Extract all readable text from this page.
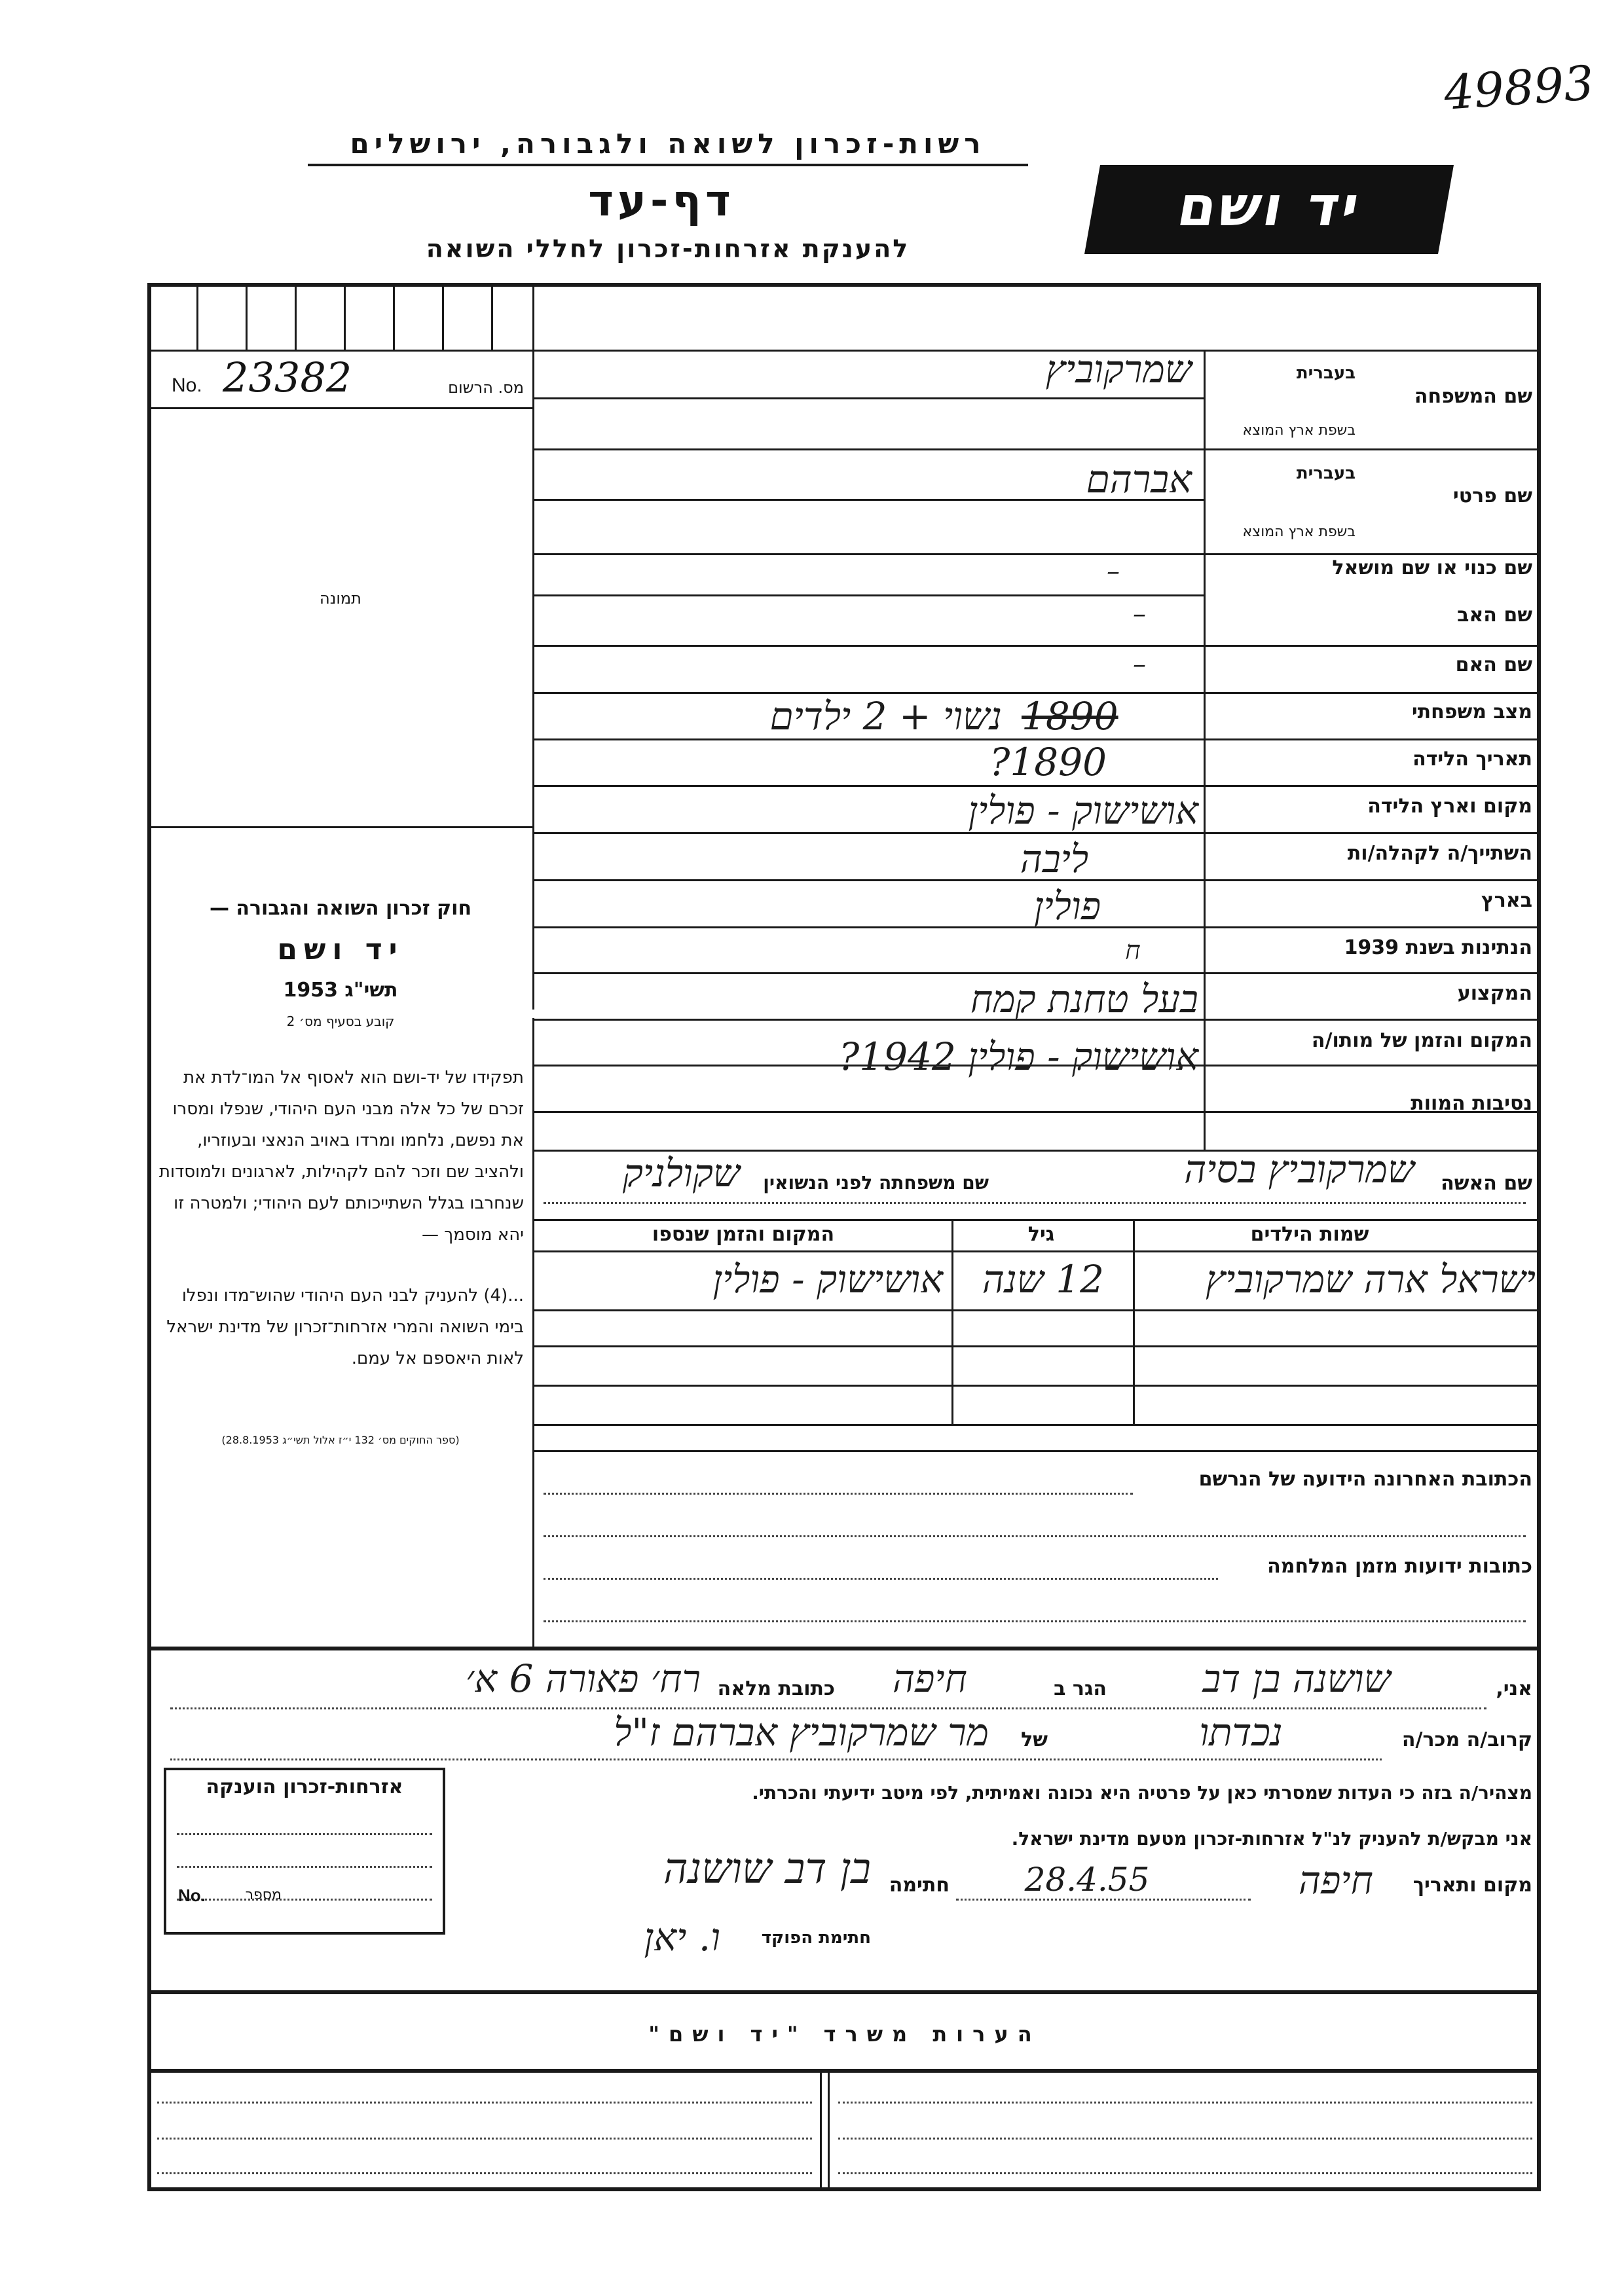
49893
רשות-זכרון לשואה ולגבורה, ירושלים
דף-עד
להענקת אזרחות-זכרון לחללי השואה
יד ושם
No. 23382	מס. הרשום
תמונה
שם המשפחה
בעברית
בשפת ארץ המוצא
שמרקוביץ
שם פרטי
בעברית
בשפת ארץ המוצא
אברהם
שם כנוי או שם מושאל
–
שם האב
–
שם האם
–
מצב משפחתי
נשוי + 2 ילדים 1890
תאריך הלידה
1890?
מקום וארץ הלידה
אושישוק - פולין
השתייך/ה לקהלה/ות
ליבה
בארץ
פולין
הנתינות בשנת 1939
ח
המקצוע
בעל טחנת קמח
המקום והזמן של מותו/ה
אושישוק - פולין 1942?
נסיבות המוות
חוק זכרון השואה והגבורה —
יד ושם
תשי"ג 1953
קובע בסעיף מס׳ 2
תפקידו של יד-ושם הוא לאסוף אל המו־לדת את זכרם של כל אלה מבני העם היהודי, שנפלו ומסרו את נפשם, נלחמו ומרדו באויב הנאצי ובעוזריו, ולהציב שם וזכר להם לקהילות, לארגונים ולמוסדות שנחרבו בגלל השתייכותם לעם היהודי; ולמטרה זו יהא מוסמך —
...(4) להעניק לבני העם היהודי שהוש־מדו ונפלו בימי השואה והמרי אזרחות־זכרון של מדינת ישראל לאות היאספם אל עמם.
(ספר החוקים מס׳ 132 י״ז אלול תשי״ג 28.8.1953)
שם האשה
שמרקוביץ בסיה
שם משפחתה לפני הנשואין
שקולניק
שמות הילדים
גיל
המקום והזמן שנספו
ישראל ארה שמרקוביץ
12 שנה
אושישוק - פולין
הכתובת האחרונה הידועה של הנרשם
כתובות ידועות מזמן המלחמה
אני,
שושנה בן דב
הגר ב
חיפה
כתובת מלאה
רח׳ פאורה 6 א׳
קרוב/ה מכר/ה
נכדתו
של
מר שמרקוביץ אברהם ז"ל
מצהיר/ה בזה כי העדות שמסרתי כאן על פרטיה היא נכונה ואמיתית, לפי מיטב ידיעתי והכרתי.
אני מבקש/ת להעניק לנ"ל אזרחות-זכרון מטעם מדינת ישראל.
מקום ותאריך
חיפה
28.4.55
חתימה
בן דב שושנה
חתימת הפוקד
ו. יאן
אזרחות-זכרון הוענקה
No.	מספר
הערות משרד "יד ושם"
